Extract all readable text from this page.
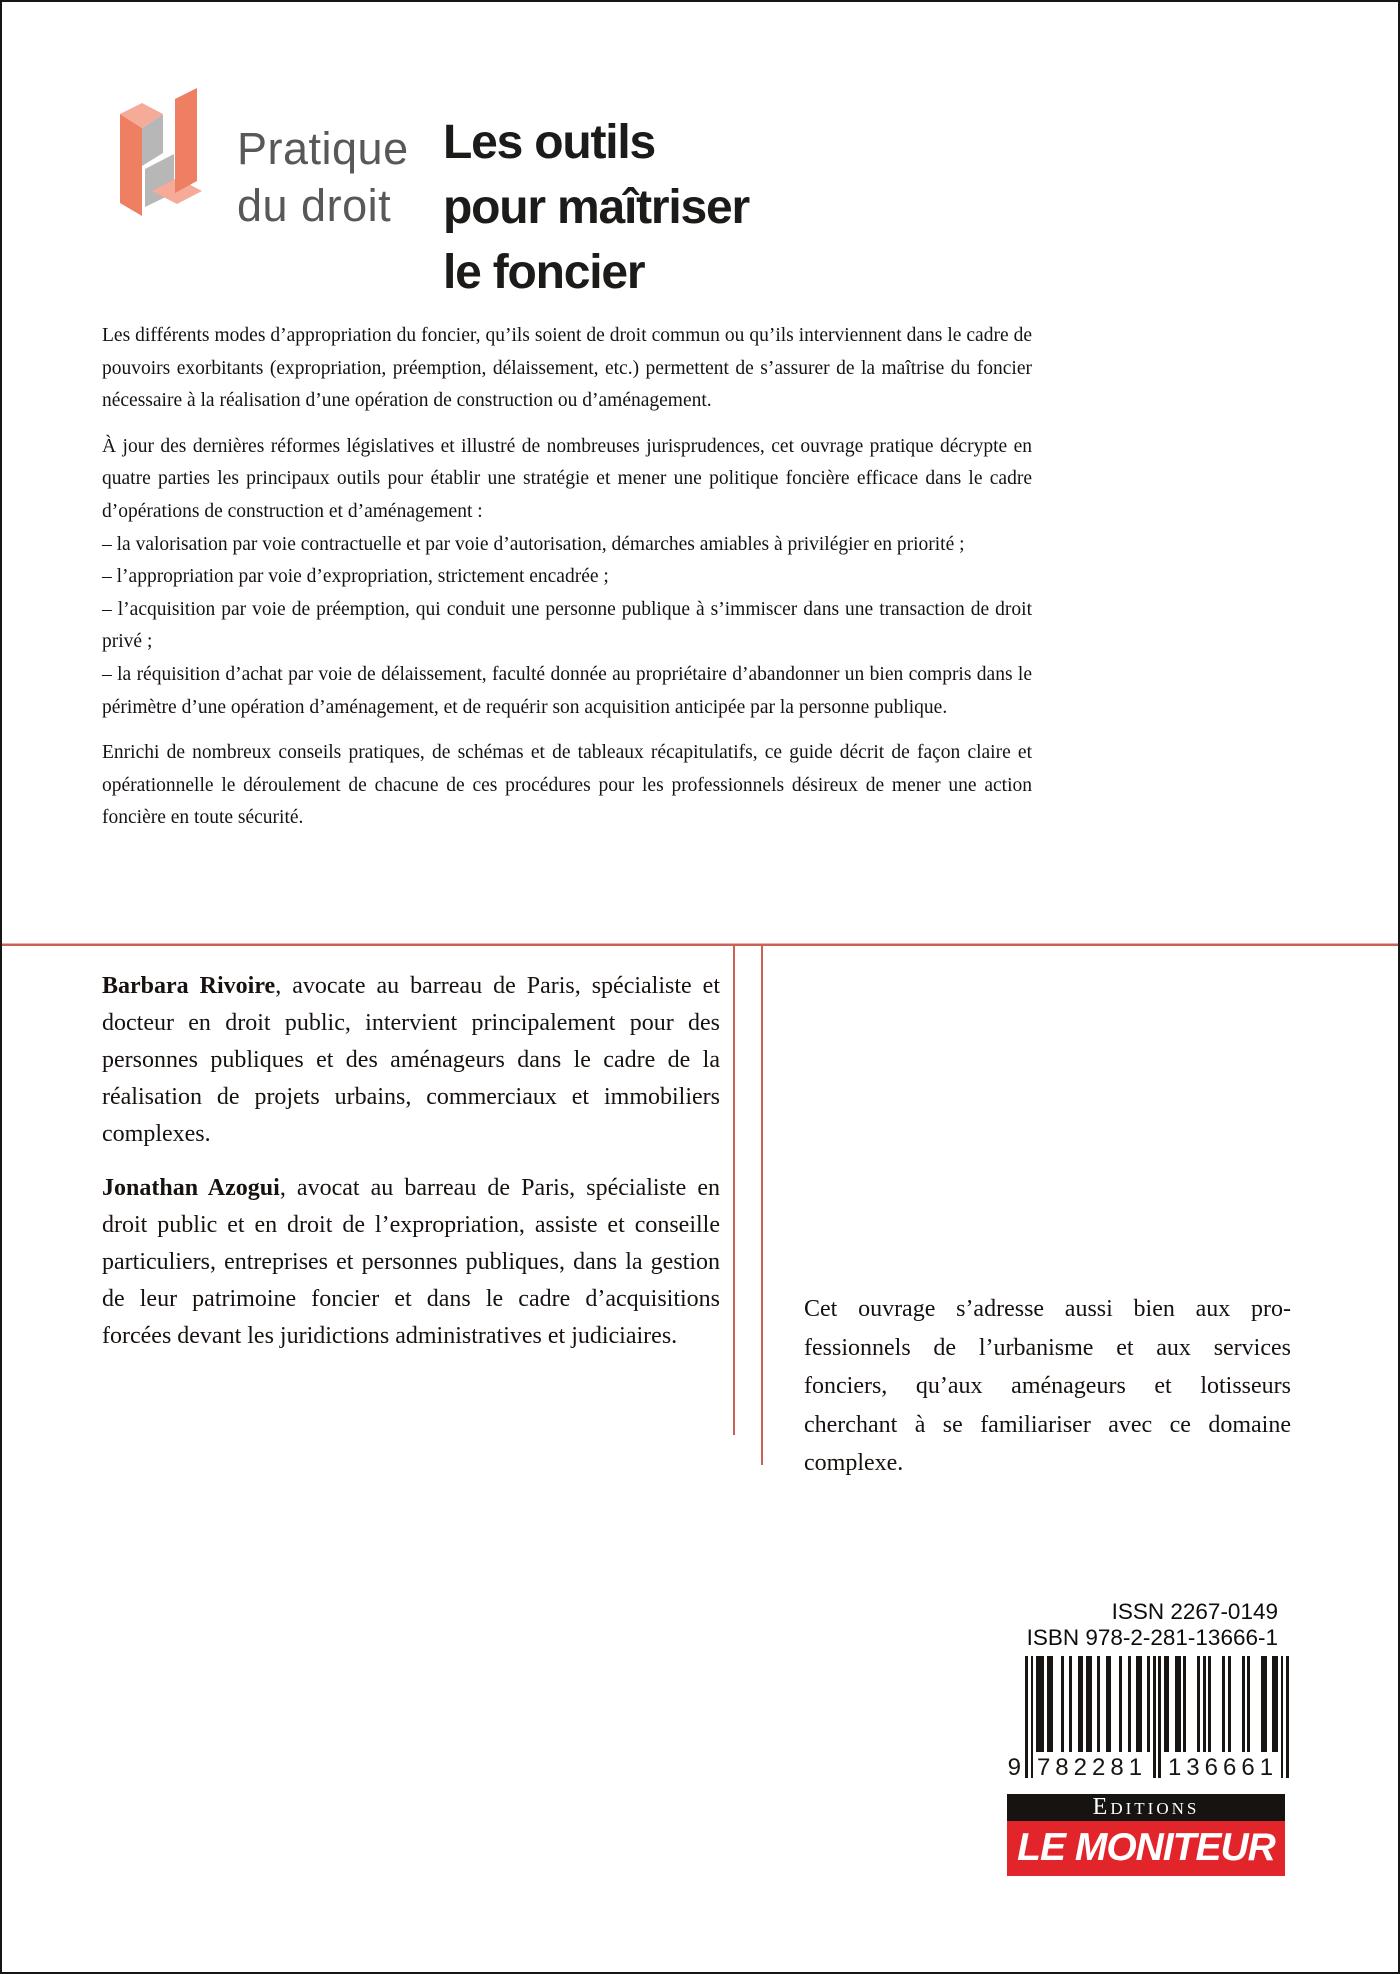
Pratique
du droit
Les outils
pour maîtriser
le foncier

Les différents modes d’appropriation du foncier, qu’ils soient de droit commun ou qu’ils interviennent dans le cadre de pouvoirs exorbitants (expropriation, préemption, délaissement, etc.) permettent de s’assurer de la maîtrise du foncier nécessaire à la réalisation d’une opération de construction ou d’aménagement.

À jour des dernières réformes législatives et illustré de nombreuses jurisprudences, cet ouvrage pratique décrypte en quatre parties les principaux outils pour établir une stratégie et mener une politique foncière efficace dans le cadre d’opérations de construction et d’aménagement :

– la valorisation par voie contractuelle et par voie d’autorisation, démarches amiables à privilégier en priorité ;

– l’appropriation par voie d’expropriation, strictement encadrée ;

– l’acquisition par voie de préemption, qui conduit une personne publique à s’immiscer dans une transaction de droit privé ;

– la réquisition d’achat par voie de délaissement, faculté donnée au propriétaire d’abandonner un bien compris dans le périmètre d’une opération d’aménagement, et de requérir son acquisition anticipée par la personne publique.

Enrichi de nombreux conseils pratiques, de schémas et de tableaux récapitulatifs, ce guide décrit de façon claire et opérationnelle le déroulement de chacune de ces procédures pour les professionnels désireux de mener une action foncière en toute sécurité.

Barbara Rivoire, avocate au barreau de Paris, spécialiste et docteur en droit public, intervient principalement pour des personnes publiques et des aménageurs dans le cadre de la réalisation de projets urbains, commerciaux et immobiliers complexes.

Jonathan Azogui, avocat au barreau de Paris, spécialiste en droit public et en droit de l’expropriation, assiste et conseille particuliers, entreprises et personnes publiques, dans la gestion de leur patrimoine foncier et dans le cadre d’acquisitions forcées devant les juridictions administratives et judiciaires.

Cet ouvrage s’adresse aussi bien aux professionnels de l’urbanisme et aux services fonciers, qu’aux aménageurs et lotisseurs cherchant à se familiariser avec ce domaine complexe.

ISSN 2267-0149
ISBN 978-2-281-13666-1
9 782281 136661
Editions
LE MONITEUR
